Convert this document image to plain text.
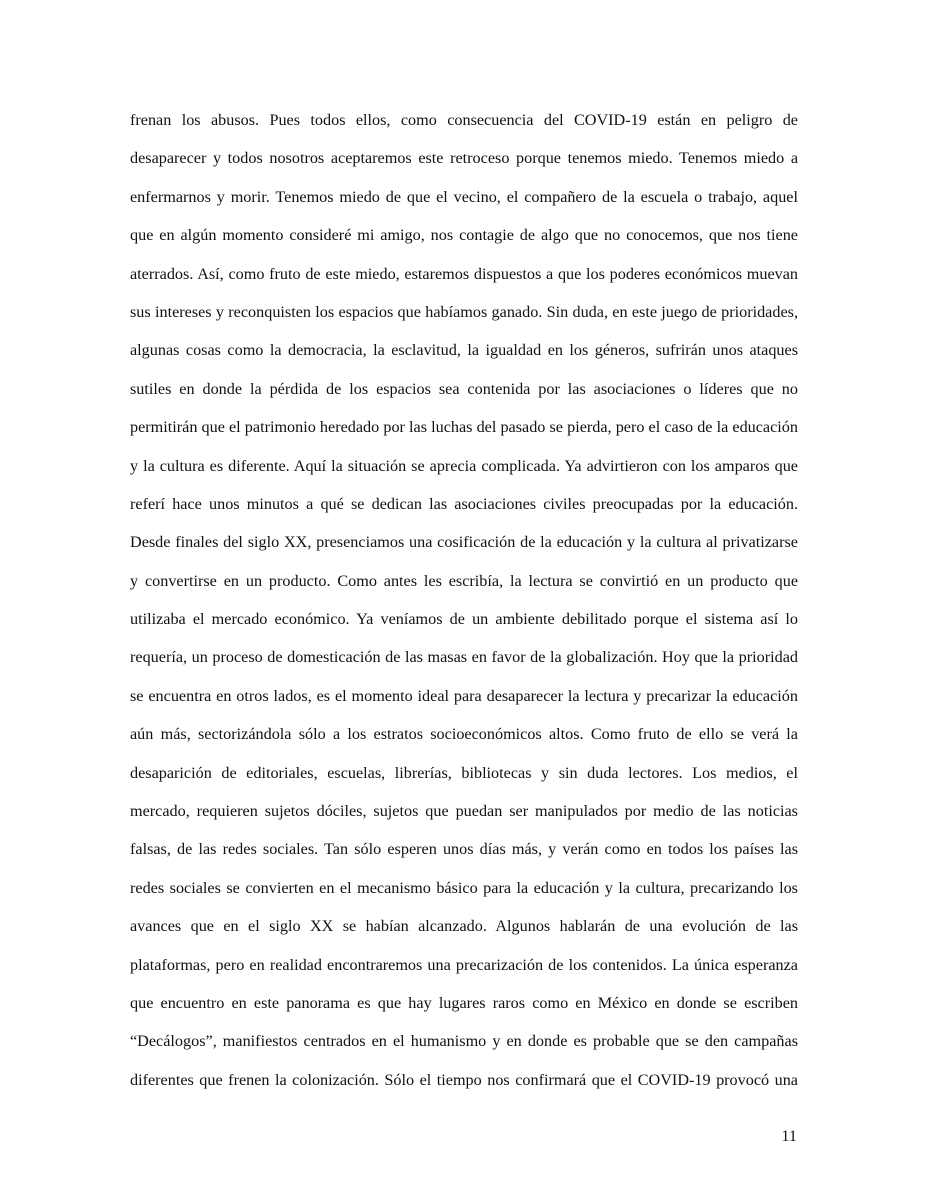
frenan los abusos. Pues todos ellos, como consecuencia del COVID-19 están en peligro de
desaparecer y todos nosotros aceptaremos este retroceso porque tenemos miedo. Tenemos miedo a
enfermarnos y morir. Tenemos miedo de que el vecino, el compañero de la escuela o trabajo, aquel
que en algún momento consideré mi amigo, nos contagie de algo que no conocemos, que nos tiene
aterrados. Así, como fruto de este miedo, estaremos dispuestos a que los poderes económicos muevan
sus intereses y reconquisten los espacios que habíamos ganado. Sin duda, en este juego de prioridades,
algunas cosas como la democracia, la esclavitud, la igualdad en los géneros, sufrirán unos ataques
sutiles en donde la pérdida de los espacios sea contenida por las asociaciones o líderes que no
permitirán que el patrimonio heredado por las luchas del pasado se pierda, pero el caso de la educación
y la cultura es diferente. Aquí la situación se aprecia complicada. Ya advirtieron con los amparos que
referí hace unos minutos a qué se dedican las asociaciones civiles preocupadas por la educación.
Desde finales del siglo XX, presenciamos una cosificación de la educación y la cultura al privatizarse
y convertirse en un producto. Como antes les escribía, la lectura se convirtió en un producto que
utilizaba el mercado económico. Ya veníamos de un ambiente debilitado porque el sistema así lo
requería, un proceso de domesticación de las masas en favor de la globalización. Hoy que la prioridad
se encuentra en otros lados, es el momento ideal para desaparecer la lectura y precarizar la educación
aún más, sectorizándola sólo a los estratos socioeconómicos altos. Como fruto de ello se verá la
desaparición de editoriales, escuelas, librerías, bibliotecas y sin duda lectores. Los medios, el
mercado, requieren sujetos dóciles, sujetos que puedan ser manipulados por medio de las noticias
falsas, de las redes sociales. Tan sólo esperen unos días más, y verán como en todos los países las
redes sociales se convierten en el mecanismo básico para la educación y la cultura, precarizando los
avances que en el siglo XX se habían alcanzado. Algunos hablarán de una evolución de las
plataformas, pero en realidad encontraremos una precarización de los contenidos. La única esperanza
que encuentro en este panorama es que hay lugares raros como en México en donde se escriben
“Decálogos”, manifiestos centrados en el humanismo y en donde es probable que se den campañas
diferentes que frenen la colonización. Sólo el tiempo nos confirmará que el COVID-19 provocó una
11
